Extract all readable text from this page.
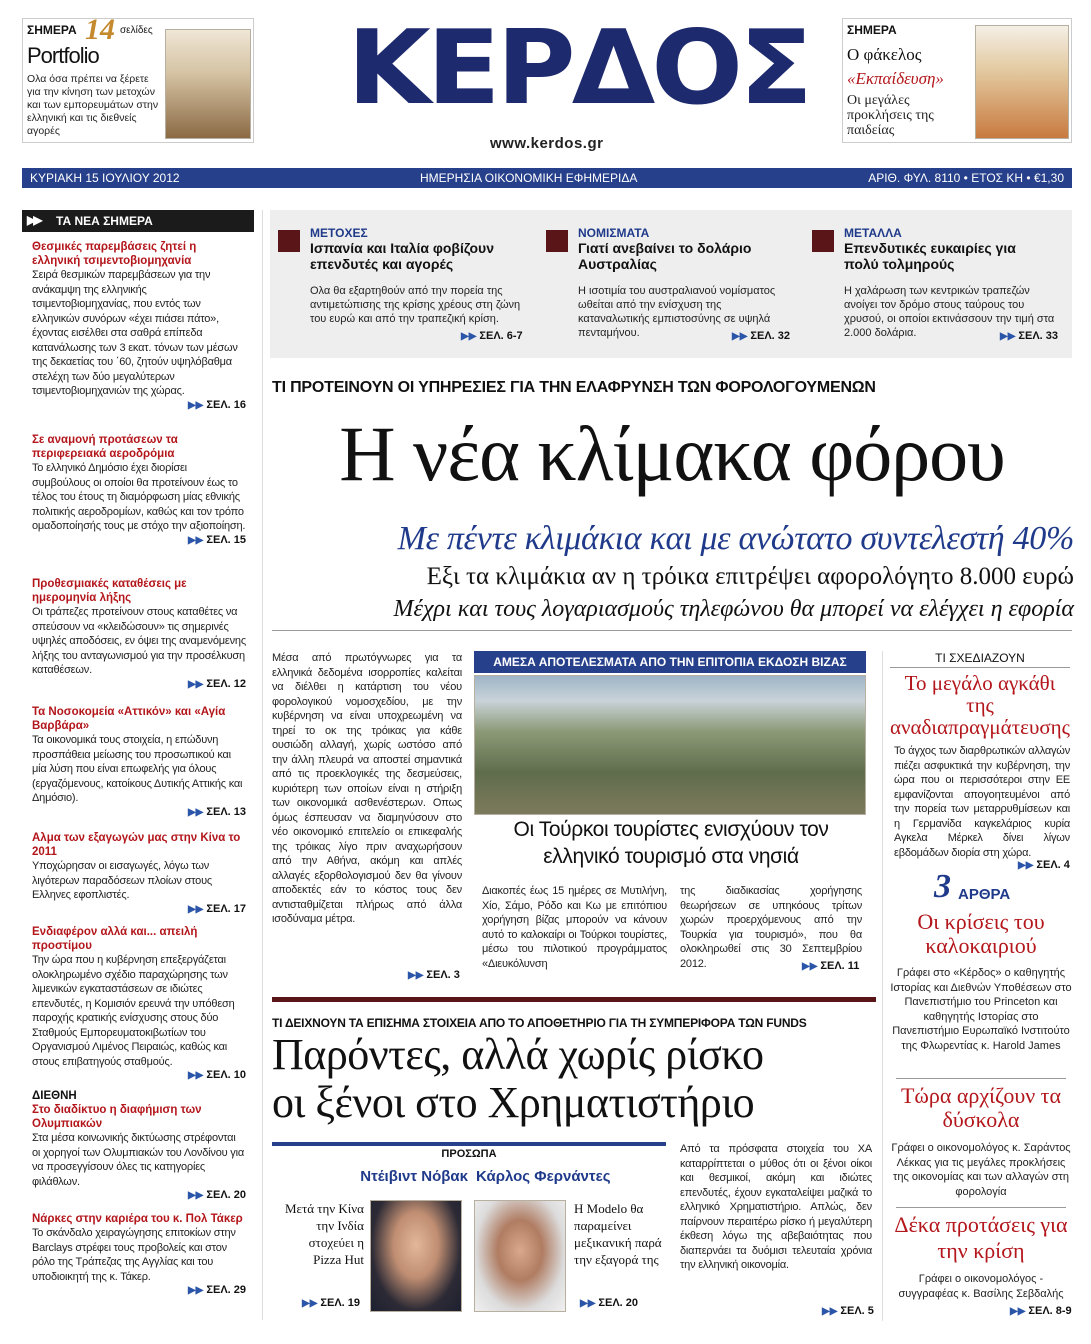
ΣΗΜΕΡΑ 14 σελίδες
Portfolio
Ολα όσα πρέπει να ξέρετε για την κίνηση των μετοχών και των εμπορευμάτων στην ελληνική και τις διεθνείς αγορές
ΚΕΡΔΟΣ
www.kerdos.gr
ΣΗΜΕΡΑ
Ο φάκελος
«Εκπαίδευση»
Οι μεγάλες προκλήσεις της παιδείας
ΚΥΡΙΑΚΗ 15 ΙΟΥΛΙΟΥ 2012	ΗΜΕΡΗΣΙΑ ΟΙΚΟΝΟΜΙΚΗ ΕΦΗΜΕΡΙΔΑ	ΑΡΙΘ. ΦΥΛ. 8110 • ΕΤΟΣ ΚΗ • €1,30
▶▶ ΤΑ ΝΕΑ ΣΗΜΕΡΑ
Θεσμικές παρεμβάσεις ζητεί η ελληνική τσιμεντοβιομηχανία
Σειρά θεσμικών παρεμβάσεων για την ανάκαμψη της ελληνικής τσιμεντοβιομηχανίας, που εντός των ελληνικών συνόρων «έχει πιάσει πάτο», έχοντας εισέλθει στα σαθρά επίπεδα κατανάλωσης των 3 εκατ. τόνων των μέσων της δεκαετίας του ΄60, ζητούν υψηλόβαθμα στελέχη των δύο μεγαλύτερων τσιμεντοβιομηχανιών της χώρας.
▶▶ ΣΕΛ. 16
Σε αναμονή προτάσεων τα περιφερειακά αεροδρόμια
Το ελληνικό Δημόσιο έχει διορίσει συμβούλους οι οποίοι θα προτείνουν έως το τέλος του έτους τη διαμόρφωση μίας εθνικής πολιτικής αεροδρομίων, καθώς και τον τρόπο ομαδοποίησής τους με στόχο την αξιοποίηση.
▶▶ ΣΕΛ. 15
Προθεσμιακές καταθέσεις με ημερομηνία λήξης
Οι τράπεζες προτείνουν στους καταθέτες να σπεύσουν να «κλειδώσουν» τις σημερινές υψηλές αποδόσεις, εν όψει της αναμενόμενης λήξης του ανταγωνισμού για την προσέλκυση καταθέσεων.
▶▶ ΣΕΛ. 12
Τα Νοσοκομεία «Αττικόν» και «Αγία Βαρβάρα»
Τα οικονομικά τους στοιχεία, η επώδυνη προσπάθεια μείωσης του προσωπικού και μία λύση που είναι επωφελής για όλους (εργαζόμενους, κατοίκους Δυτικής Αττικής και Δημόσιο).
▶▶ ΣΕΛ. 13
Αλμα των εξαγωγών μας στην Κίνα το 2011
Υποχώρησαν οι εισαγωγές, λόγω των λιγότερων παραδόσεων πλοίων στους Ελληνες εφοπλιστές.
▶▶ ΣΕΛ. 17
Ενδιαφέρον αλλά και... απειλή προστίμου
Την ώρα που η κυβέρνηση επεξεργάζεται ολοκληρωμένο σχέδιο παραχώρησης των λιμενικών εγκαταστάσεων σε ιδιώτες επενδυτές, η Κομισιόν ερευνά την υπόθεση παροχής κρατικής ενίσχυσης στους δύο Σταθμούς Εμπορευματοκιβωτίων του Οργανισμού Λιμένος Πειραιώς, καθώς και στους επιβατηγούς σταθμούς.
▶▶ ΣΕΛ. 10
ΔΙΕΘΝΗ
Στο διαδίκτυο η διαφήμιση των Ολυμπιακών
Στα μέσα κοινωνικής δικτύωσης στρέφονται οι χορηγοί των Ολυμπιακών του Λονδίνου για να προσεγγίσουν όλες τις κατηγορίες φιλάθλων.
▶▶ ΣΕΛ. 20
Νάρκες στην καριέρα του κ. Πολ Τάκερ
Το σκάνδαλο χειραγώγησης επιτοκίων στην Barclays στρέφει τους προβολείς και στον ρόλο της Τράπεζας της Αγγλίας και του υποδιοικητή της κ. Τάκερ.
▶▶ ΣΕΛ. 29
ΜΕΤΟΧΕΣ
Ισπανία και Ιταλία φοβίζουν επενδυτές και αγορές
Ολα θα εξαρτηθούν από την πορεία της αντιμετώπισης της κρίσης χρέους στη ζώνη του ευρώ και από την τραπεζική κρίση.
▶▶ ΣΕΛ. 6-7
ΝΟΜΙΣΜΑΤΑ
Γιατί ανεβαίνει το δολάριο Αυστραλίας
Η ισοτιμία του αυστραλιανού νομίσματος ωθείται από την ενίσχυση της καταναλωτικής εμπιστοσύνης σε υψηλά πενταμήνου.	▶▶ ΣΕΛ. 32
ΜΕΤΑΛΛΑ
Επενδυτικές ευκαιρίες για πολύ τολμηρούς
Η χαλάρωση των κεντρικών τραπεζών ανοίγει τον δρόμο στους ταύρους του χρυσού, οι οποίοι εκτινάσσουν την τιμή στα 2.000 δολάρια.	▶▶ ΣΕΛ. 33
ΤΙ ΠΡΟΤΕΙΝΟΥΝ ΟΙ ΥΠΗΡΕΣΙΕΣ ΓΙΑ ΤΗΝ ΕΛΑΦΡΥΝΣΗ ΤΩΝ ΦΟΡΟΛΟΓΟΥΜΕΝΩΝ
Η νέα κλίμακα φόρου
Με πέντε κλιμάκια και με ανώτατο συντελεστή 40%
Εξι τα κλιμάκια αν η τρόικα επιτρέψει αφορολόγητο 8.000 ευρώ
Μέχρι και τους λογαριασμούς τηλεφώνου θα μπορεί να ελέγχει η εφορία
Μέσα από πρωτόγνωρες για τα ελληνικά δεδομένα ισορροπίες καλείται να διέλθει η κατάρτιση του νέου φορολογικού νομοσχεδίου, με την κυβέρνηση να είναι υποχρεωμένη να τηρεί το οκ της τρόικας για κάθε ουσιώδη αλλαγή, χωρίς ωστόσο από την άλλη πλευρά να αποστεί σημαντικά από τις προεκλογικές της δεσμεύσεις, κυριότερη των οποίων είναι η στήριξη των οικονομικά ασθενέστερων. Οπως όμως έσπευσαν να διαμηνύσουν στο νέο οικονομικό επιτελείο οι επικεφαλής της τρόικας λίγο πριν αναχωρήσουν από την Αθήνα, ακόμη και απλές αλλαγές εξορθολογισμού δεν θα γίνουν αποδεκτές εάν το κόστος τους δεν αντισταθμίζεται πλήρως από άλλα ισοδύναμα μέτρα.
▶▶ ΣΕΛ. 3
ΑΜΕΣΑ ΑΠΟΤΕΛΕΣΜΑΤΑ ΑΠΟ ΤΗΝ ΕΠΙΤΟΠΙΑ ΕΚΔΟΣΗ ΒΙΖΑΣ
Οι Τούρκοι τουρίστες ενισχύουν τον ελληνικό τουρισμό στα νησιά
Διακοπές έως 15 ημέρες σε Μυτιλήνη, Χίο, Σάμο, Ρόδο και Κω με επιτόπιου χορήγηση βίζας μπορούν να κάνουν αυτό το καλοκαίρι οι Τούρκοι τουρίστες, μέσω του πιλοτικού προγράμματος «Διευκόλυνση
της διαδικασίας χορήγησης θεωρήσεων σε υπηκόους τρίτων χωρών προερχόμενους από την Τουρκία για τουρισμό», που θα ολοκληρωθεί στις 30 Σεπτεμβρίου 2012.	▶▶ ΣΕΛ. 11
ΤΙ ΣΧΕΔΙΑΖΟΥΝ
Το μεγάλο αγκάθι της αναδιαπραγμάτευσης
Το άγχος των διαρθρωτικών αλλαγών πιέζει ασφυκτικά την κυβέρνηση, την ώρα που οι περισσότεροι στην ΕΕ εμφανίζονται απογοητευμένοι από την πορεία των μεταρρυθμίσεων και η Γερμανίδα καγκελάριος κυρία Αγκελα Μέρκελ δίνει λίγων εβδομάδων διορία στη χώρα.
▶▶ ΣΕΛ. 4
3 ΑΡΘΡΑ
Οι κρίσεις του καλοκαιριού
Γράφει στο «Κέρδος» ο καθηγητής Ιστορίας και Διεθνών Υποθέσεων στο Πανεπιστήμιο του Princeton και καθηγητής Ιστορίας στο Πανεπιστήμιο Ευρωπαϊκό Ινστιτούτο της Φλωρεντίας κ. Harold James
Τώρα αρχίζουν τα δύσκολα
Γράφει ο οικονομολόγος κ. Σαράντος Λέκκας για τις μεγάλες προκλήσεις της οικονομίας και των αλλαγών στη φορολογία
Δέκα προτάσεις για την κρίση
Γράφει ο οικονομολόγος - συγγραφέας κ. Βασίλης Σεβδαλής
▶▶ ΣΕΛ. 8-9
ΤΙ ΔΕΙΧΝΟΥΝ ΤΑ ΕΠΙΣΗΜΑ ΣΤΟΙΧΕΙΑ ΑΠΟ ΤΟ ΑΠΟΘΕΤΗΡΙΟ ΓΙΑ ΤΗ ΣΥΜΠΕΡΙΦΟΡΑ ΤΩΝ FUNDS
Παρόντες, αλλά χωρίς ρίσκο
οι ξένοι στο Χρηματιστήριο
ΠΡΟΣΩΠΑ
Ντέιβιντ Νόβακ Κάρλος Φερνάντες
Μετά την Κίνα την Ινδία στοχεύει η Pizza Hut
Η Modelo θα παραμείνει μεξικανική παρά την εξαγορά της
▶▶ ΣΕΛ. 19	▶▶ ΣΕΛ. 20
Από τα πρόσφατα στοιχεία του ΧΑ καταρρίπτεται ο μύθος ότι οι ξένοι οίκοι και θεσμικοί, ακόμη και ιδιώτες επενδυτές, έχουν εγκαταλείψει μαζικά το ελληνικό Χρηματιστήριο. Απλώς, δεν παίρνουν περαιτέρω ρίσκο ή μεγαλύτερη έκθεση λόγω της αβεβαιότητας που διαπερνάει τα δυόμισι τελευταία χρόνια την ελληνική οικονομία.
▶▶ ΣΕΛ. 5
